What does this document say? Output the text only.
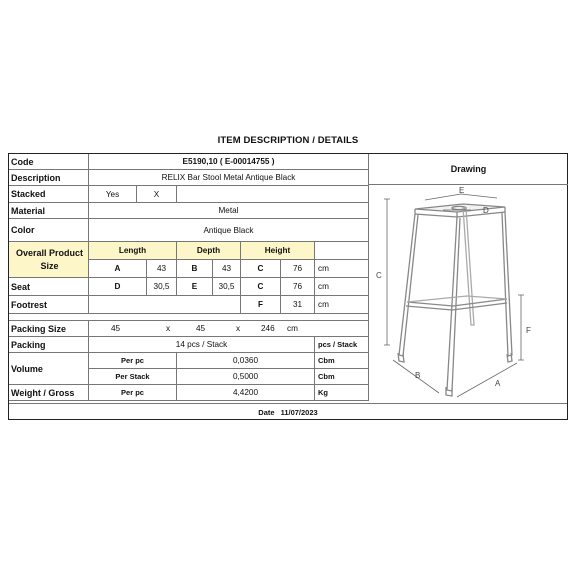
ITEM DESCRIPTION / DETAILS
Code	E5190,10 ( E-00014755 )
Description	RELIX Bar Stool Metal Antique Black
Stacked	Yes	X
Material	Metal
Color	Antique Black
Overall Product
Size
Length	Depth	Height
A	43	B	43	C	76	cm
Seat	D	30,5	E	30,5	C	76	cm
Footrest	F	31	cm
Packing Size	45	x	45	x	246 cm
Packing	14 pcs / Stack	pcs / Stack
Volume
Per pc	0,0360	Cbm
Per Stack	0,5000	Cbm
Weight / Gross	Per pc	4,4200	Kg
Drawing
E
D
C
F
B
A
Date 11/07/2023
